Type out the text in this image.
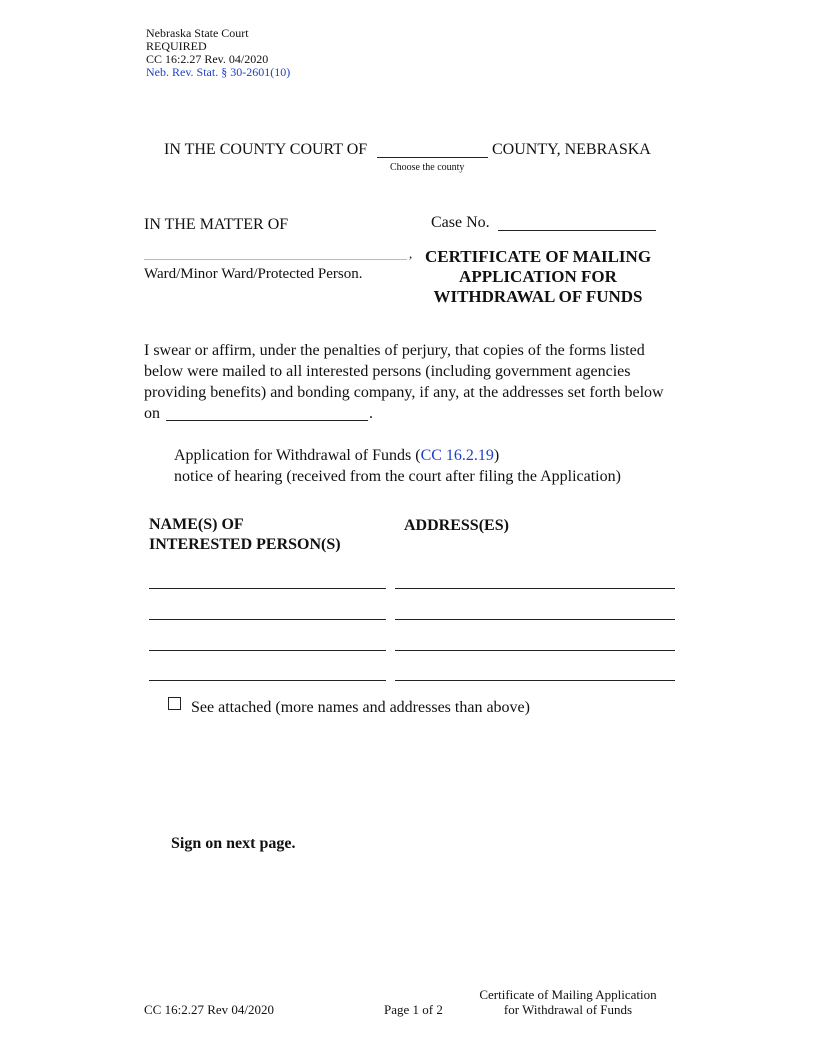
Nebraska State Court
REQUIRED
CC 16:2.27 Rev. 04/2020
Neb. Rev. Stat. § 30-2601(10)
IN THE COUNTY COURT OF	COUNTY, NEBRASKA
Choose the county
IN THE MATTER OF	Case No.
,
Ward/Minor Ward/Protected Person.
CERTIFICATE OF MAILING
APPLICATION FOR
WITHDRAWAL OF FUNDS
I swear or affirm, under the penalties of perjury, that copies of the forms listed
below were mailed to all interested persons (including government agencies
providing benefits) and bonding company, if any, at the addresses set forth below
on	.
Application for Withdrawal of Funds (CC 16.2.19)
notice of hearing (received from the court after filing the Application)
NAME(S) OF
INTERESTED PERSON(S)
ADDRESS(ES)
See attached (more names and addresses than above)
Sign on next page.
CC 16:2.27 Rev 04/2020	Page 1 of 2
Certificate of Mailing Application
for Withdrawal of Funds
